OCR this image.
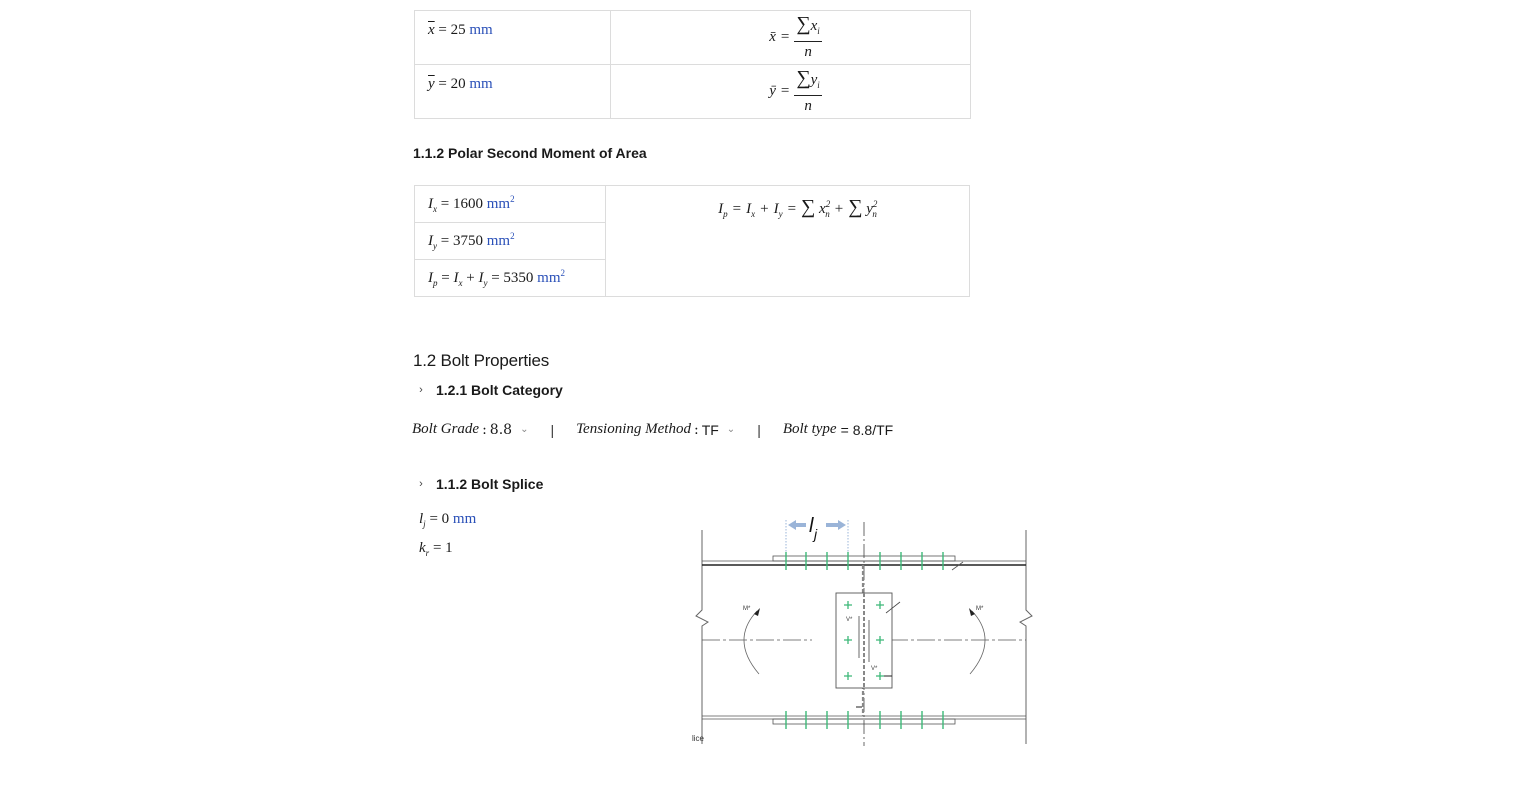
$\overline{x} = 25$ mm	x̄ = $\frac{\sum x_i}{n}$

$\overline{y} = 20$ mm	ȳ = $\frac{\sum y_i}{n}$
1.1.2 Polar Second Moment of Area
$I_x = 1600$ $mm^2$	$I_p = I_x + I_y$ = ∑ $x^2_n$ + ∑ $y^2_n$
$I_y = 3750$ $mm^2$
$I_p = I_x + I_y = 5350$ $mm^2$
1.2 Bolt Properties
› 1.2.1 Bolt Category
Bolt Grade : 8.8 ⌄ | Tensioning Method : TF ⌄ | Bolt type = 8.8/TF
› 1.1.2 Bolt Splice
$l_j = 0$ mm
$k_r = 1$
V*
V*
l j
M*	M*
lice
